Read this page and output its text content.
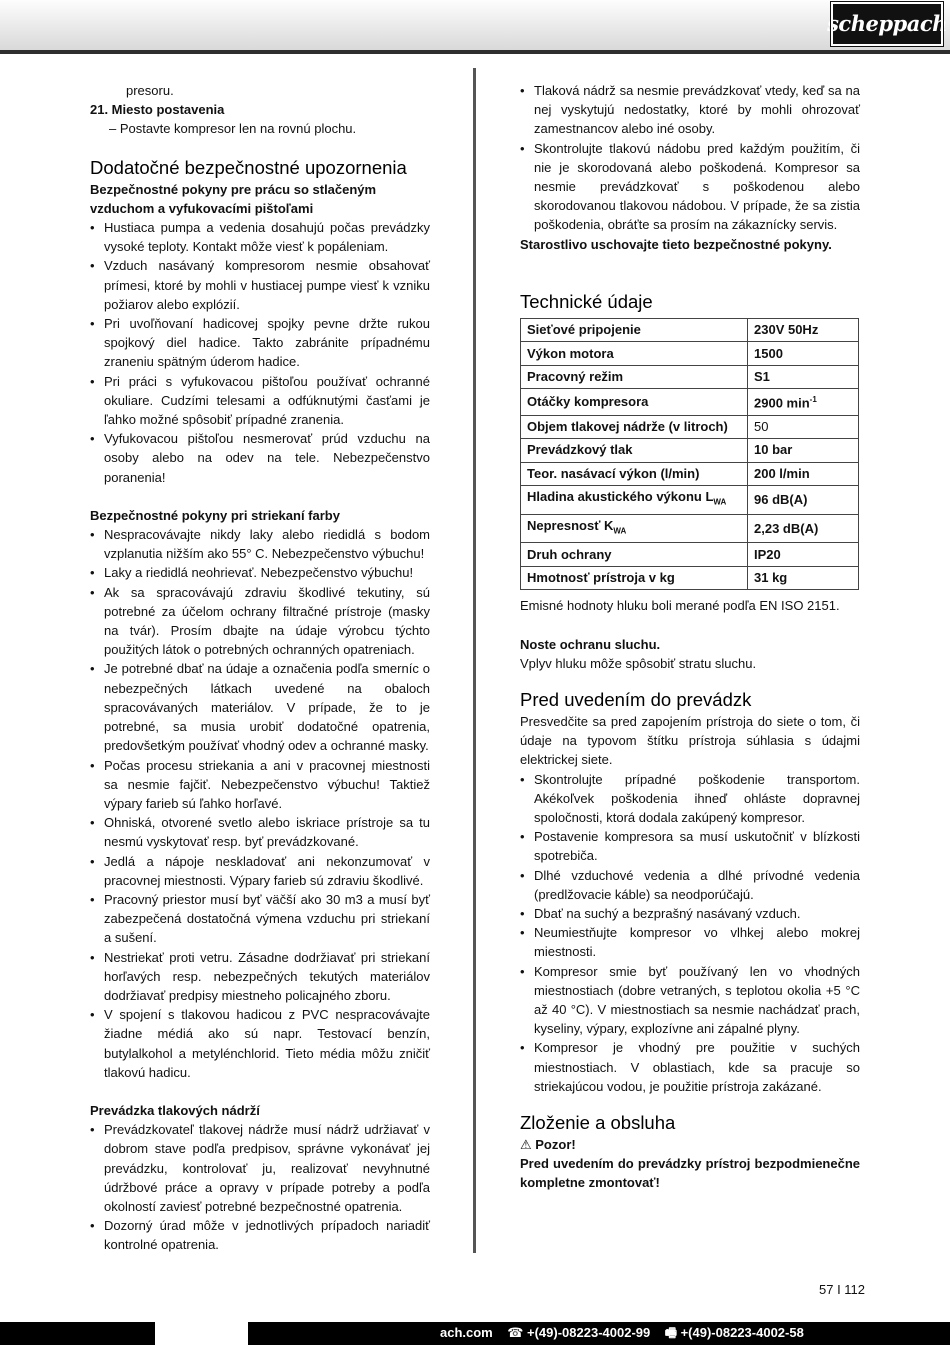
scheppach

presoru.

21. Miesto postavenia

– Postavte kompresor len na rovnú plochu.

Dodatočné bezpečnostné upozornenia
Bezpečnostné pokyny pre prácu so stlačeným vzduchom a vyfukovacími pištoľami
• Hustiaca pumpa a vedenia dosahujú počas prevádzky vysoké teploty. Kontakt môže viesť k popáleniam.
• Vzduch nasávaný kompresorom nesmie obsahovať prímesi, ktoré by mohli v hustiacej pumpe viesť k vzniku požiarov alebo explózií.
• Pri uvoľňovaní hadicovej spojky pevne držte rukou spojkový diel hadice. Takto zabránite prípadnému zraneniu spätným úderom hadice.
• Pri práci s vyfukovacou pištoľou používať ochranné okuliare. Cudzími telesami a odfúknutými časťami je ľahko možné spôsobiť prípadné zranenia.
• Vyfukovacou pištoľou nesmerovať prúd vzduchu na osoby alebo na odev na tele. Nebezpečenstvo poranenia!
Bezpečnostné pokyny pri striekaní farby
• Nespracovávajte nikdy laky alebo riedidlá s bodom vzplanutia nižším ako 55° C. Nebezpečenstvo výbuchu!
• Laky a riedidlá neohrievať. Nebezpečenstvo výbuchu!
• Ak sa spracovávajú zdraviu škodlivé tekutiny, sú potrebné za účelom ochrany filtračné prístroje (masky na tvár). Prosím dbajte na údaje výrobcu týchto použitých látok o potrebných ochranných opatreniach.
• Je potrebné dbať na údaje a označenia podľa smerníc o nebezpečných látkach uvedené na obaloch spracovávaných materiálov. V prípade, že to je potrebné, sa musia urobiť dodatočné opatrenia, predovšetkým používať vhodný odev a ochranné masky.
• Počas procesu striekania a ani v pracovnej miestnosti sa nesmie fajčiť. Nebezpečenstvo výbuchu! Taktiež výpary farieb sú ľahko horľavé.
• Ohniská, otvorené svetlo alebo iskriace prístroje sa tu nesmú vyskytovať resp. byť prevádzkované.
• Jedlá a nápoje neskladovať ani nekonzumovať v pracovnej miestnosti. Výpary farieb sú zdraviu škodlivé.
• Pracovný priestor musí byť väčší ako 30 m3 a musí byť zabezpečená dostatočná výmena vzduchu pri striekaní a sušení.
• Nestriekať proti vetru. Zásadne dodržiavať pri striekaní horľavých resp. nebezpečných tekutých materiálov dodržiavať predpisy miestneho policajného zboru.
• V spojení s tlakovou hadicou z PVC nespracovávajte žiadne médiá ako sú napr. Testovací benzín, butylalkohol a metylénchlorid. Tieto média môžu zničiť tlakovú hadicu.
Prevádzka tlakových nádrží
• Prevádzkovateľ tlakovej nádrže musí nádrž udržiavať v dobrom stave podľa predpisov, správne vykonávať jej prevádzku, kontrolovať ju, realizovať nevyhnutné údržbové práce a opravy v prípade potreby a podľa okolností zaviesť potrebné bezpečnostné opatrenia.
• Dozorný úrad môže v jednotlivých prípadoch nariadiť kontrolné opatrenia.
• Tlaková nádrž sa nesmie prevádzkovať vtedy, keď sa na nej vyskytujú nedostatky, ktoré by mohli ohrozovať zamestnancov alebo iné osoby.
• Skontrolujte tlakovú nádobu pred každým použitím, či nie je skorodovaná alebo poškodená. Kompresor sa nesmie prevádzkovať s poškodenou alebo skorodovanou tlakovou nádobou. V prípade, že sa zistia poškodenia, obráťte sa prosím na zákaznícky servis.

Starostlivo uschovajte tieto bezpečnostné pokyny.

Technické údaje
Sieťové pripojenie	230V 50Hz
Výkon motora	1500
Pracovný režim	S1
Otáčky kompresora	2900 $\min^{-1}$
Objem tlakovej nádrže (v litroch)	50
Prevádzkový tlak	10 bar
Teor. nasávací výkon (l/min)	200 l/min
Hladina akustického výkonu $L_{WA}$	96 dB(A)
Nepresnosť $K_{WA}$	2,23 dB(A)
Druh ochrany	IP20
Hmotnosť prístroja v kg	31 kg

Emisné hodnoty hluku boli merané podľa EN ISO 2151.

Noste ochranu sluchu.

Vplyv hluku môže spôsobiť stratu sluchu.

Pred uvedením do prevádzk

Presvedčite sa pred zapojením prístroja do siete o tom, či údaje na typovom štítku prístroja súhlasia s údajmi elektrickej siete.

• Skontrolujte prípadné poškodenie transportom. Akékoľvek poškodenia ihneď ohláste dopravnej spoločnosti, ktorá dodala zakúpený kompresor.
• Postavenie kompresora sa musí uskutočniť v blízkosti spotrebiča.
• Dlhé vzduchové vedenia a dlhé prívodné vedenia (predlžovacie káble) sa neodporúčajú.
• Dbať na suchý a bezprašný nasávaný vzduch.
• Neumiestňujte kompresor vo vlhkej alebo mokrej miestnosti.
• Kompresor smie byť používaný len vo vhodných miestnostiach (dobre vetraných, s teplotou okolia +5 °C až 40 °C). V miestnostiach sa nesmie nachádzať prach, kyseliny, výpary, explozívne ani zápalné plyny.
• Kompresor je vhodný pre použitie v suchých miestnostiach. V oblastiach, kde sa pracuje so striekajúcou vodou, je použitie prístroja zakázané.
Zloženie a obsluha

⚠ Pozor!

Pred uvedením do prevádzky prístroj bezpodmienečne kompletne zmontovať!

57 I 112
ach.com ☎ +(49)-08223-4002-99 🖷 +(49)-08223-4002-58
